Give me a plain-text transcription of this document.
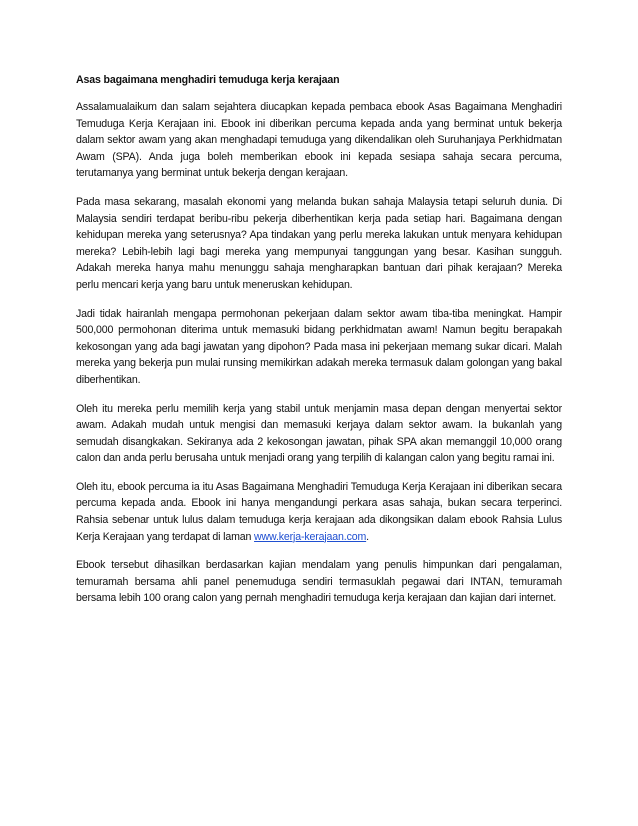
Asas bagaimana menghadiri temuduga kerja kerajaan

Assalamualaikum dan salam sejahtera diucapkan kepada pembaca ebook Asas Bagaimana Menghadiri Temuduga Kerja Kerajaan ini. Ebook ini diberikan percuma kepada anda yang berminat untuk bekerja dalam sektor awam yang akan menghadapi temuduga yang dikendalikan oleh Suruhanjaya Perkhidmatan Awam (SPA). Anda juga boleh memberikan ebook ini kepada sesiapa sahaja secara percuma, terutamanya yang berminat untuk bekerja dengan kerajaan.

Pada masa sekarang, masalah ekonomi yang melanda bukan sahaja Malaysia tetapi seluruh dunia. Di Malaysia sendiri terdapat beribu-ribu pekerja diberhentikan kerja pada setiap hari. Bagaimana dengan kehidupan mereka yang seterusnya? Apa tindakan yang perlu mereka lakukan untuk menyara kehidupan mereka? Lebih-lebih lagi bagi mereka yang mempunyai tanggungan yang besar. Kasihan sungguh. Adakah mereka hanya mahu menunggu sahaja mengharapkan bantuan dari pihak kerajaan? Mereka perlu mencari kerja yang baru untuk meneruskan kehidupan.

Jadi tidak hairanlah mengapa permohonan pekerjaan dalam sektor awam tiba-tiba meningkat. Hampir 500,000 permohonan diterima untuk memasuki bidang perkhidmatan awam! Namun begitu berapakah kekosongan yang ada bagi jawatan yang dipohon? Pada masa ini pekerjaan memang sukar dicari. Malah mereka yang bekerja pun mulai runsing memikirkan adakah mereka termasuk dalam golongan yang bakal diberhentikan.

Oleh itu mereka perlu memilih kerja yang stabil untuk menjamin masa depan dengan menyertai sektor awam. Adakah mudah untuk mengisi dan memasuki kerjaya dalam sektor awam. Ia bukanlah yang semudah disangkakan. Sekiranya ada 2 kekosongan jawatan, pihak SPA akan memanggil 10,000 orang calon dan anda perlu berusaha untuk menjadi orang yang terpilih di kalangan calon yang begitu ramai ini.

Oleh itu, ebook percuma ia itu Asas Bagaimana Menghadiri Temuduga Kerja Kerajaan ini diberikan secara percuma kepada anda. Ebook ini hanya mengandungi perkara asas sahaja, bukan secara terperinci. Rahsia sebenar untuk lulus dalam temuduga kerja kerajaan ada dikongsikan dalam ebook Rahsia Lulus Kerja Kerajaan yang terdapat di laman www.kerja-kerajaan.com.

Ebook tersebut dihasilkan berdasarkan kajian mendalam yang penulis himpunkan dari pengalaman, temuramah bersama ahli panel penemuduga sendiri termasuklah pegawai dari INTAN, temuramah bersama lebih 100 orang calon yang pernah menghadiri temuduga kerja kerajaan dan kajian dari internet.
